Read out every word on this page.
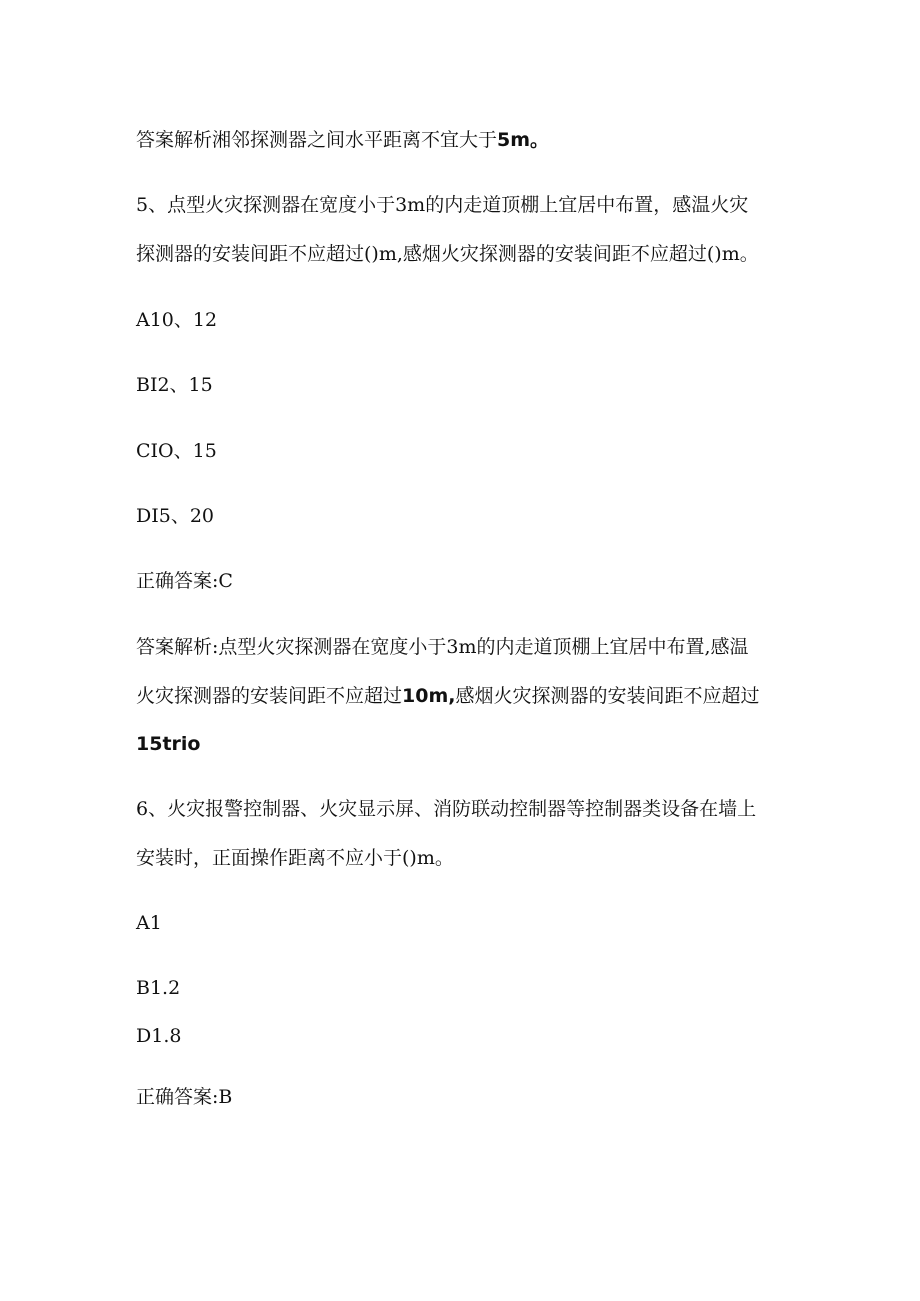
答案解析湘邻探测器之间水平距离不宜大于5m。
5、点型火灾探测器在宽度小于3m的内走道顶棚上宜居中布置，感温火灾
探测器的安装间距不应超过()m,感烟火灾探测器的安装间距不应超过()m。
A10、12
BI2、15
CIO、15
DI5、20
正确答案:C
答案解析:点型火灾探测器在宽度小于3m的内走道顶棚上宜居中布置,感温
火灾探测器的安装间距不应超过10m,感烟火灾探测器的安装间距不应超过
15trio
6、火灾报警控制器、火灾显示屏、消防联动控制器等控制器类设备在墙上
安装时，正面操作距离不应小于()m。
A1
B1.2
D1.8
正确答案:B
